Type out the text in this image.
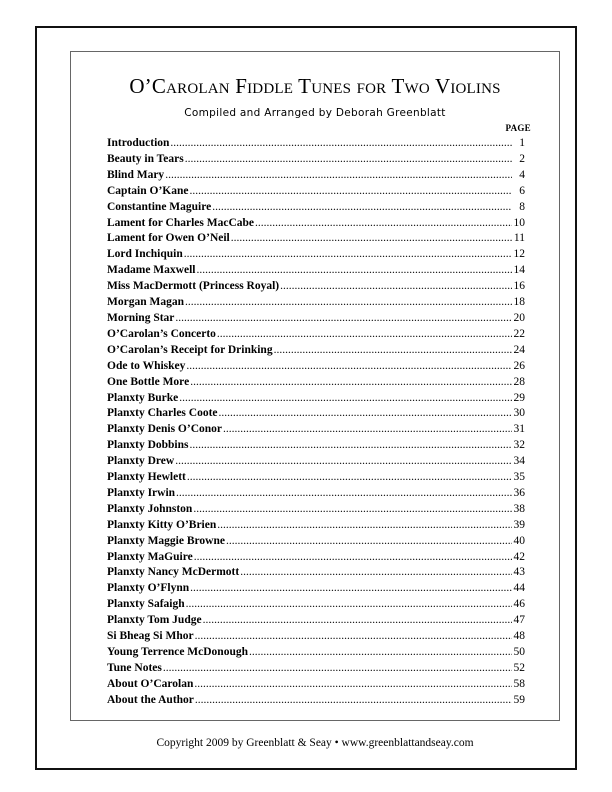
O’Carolan Fiddle Tunes for Two Violins
Compiled and Arranged by Deborah Greenblatt
PAGE
Introduction .....	1
Beauty in Tears .....	2
Blind Mary .....	4
Captain O’Kane .....	6
Constantine Maguire .....	8
Lament for Charles MacCabe .....	10
Lament for Owen O’Neil .....	11
Lord Inchiquin .....	12
Madame Maxwell .....	14
Miss MacDermott (Princess Royal) .....	16
Morgan Magan .....	18
Morning Star .....	20
O’Carolan’s Concerto .....	22
O’Carolan’s Receipt for Drinking .....	24
Ode to Whiskey .....	26
One Bottle More .....	28
Planxty Burke .....	29
Planxty Charles Coote .....	30
Planxty Denis O’Conor .....	31
Planxty Dobbins .....	32
Planxty Drew .....	34
Planxty Hewlett .....	35
Planxty Irwin .....	36
Planxty Johnston .....	38
Planxty Kitty O’Brien .....	39
Planxty Maggie Browne .....	40
Planxty MaGuire .....	42
Planxty Nancy McDermott .....	43
Planxty O’Flynn .....	44
Planxty Safaigh .....	46
Planxty Tom Judge .....	47
Si Bheag Si Mhor .....	48
Young Terrence McDonough .....	50
Tune Notes .....	52
About O’Carolan .....	58
About the Author .....	59
Copyright 2009 by Greenblatt & Seay • www.greenblattandseay.com
